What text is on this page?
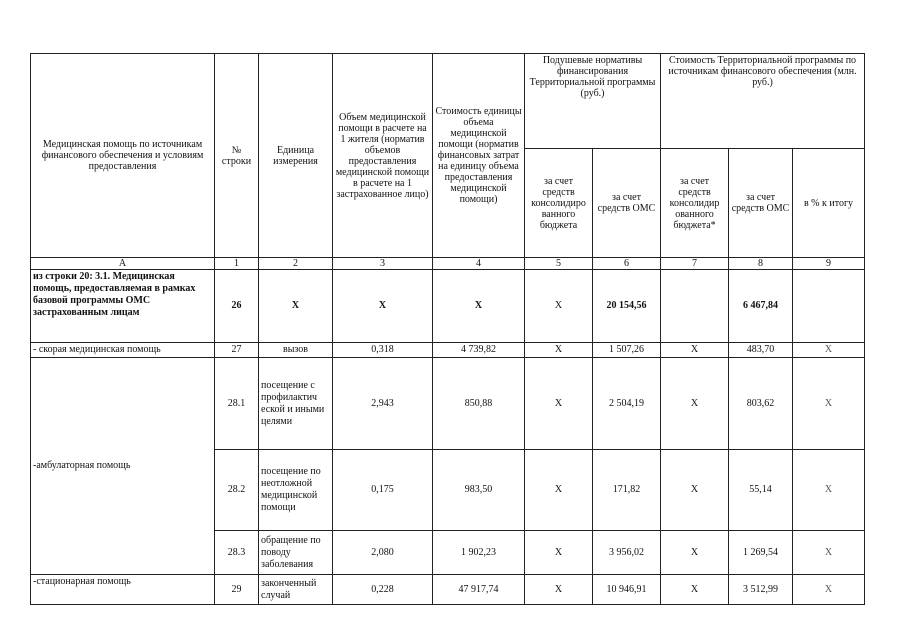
Медицинская помощь по источникам финансового обеспечения и условиям предоставления	№ строки	Единица измерения	Объем медицинской помощи в расчете на 1 жителя (норматив объемов предоставления медицинской помощи в расчете на 1 застрахованное лицо)	Стоимость единицы объема медицинской помощи (норматив финансовых затрат на единицу объема предоставления медицинской помощи)	Подушевые нормативы финансирования Территориальной программы (руб.)		Стоимость Территориальной программы по источникам финансового обеспечения (млн. руб.)		
					за счет средств консолидиро ванного бюджета	за счет средств ОМС	за счет средств консолидир ованного бюджета*	за счет средств ОМС	в % к итогу
А	1	2	3	4	5	6	7	8	9
из строки 20: 3.1. Медицинская помощь, предоставляемая в рамках базовой программы ОМС застрахованным лицам	26	Х	Х	Х	Х	20 154,56		6 467,84	
- скорая медицинская помощь	27	вызов	0,318	4 739,82	Х	1 507,26	Х	483,70	Х
-амбулаторная помощь	28.1	посещение с профилактич еской и иными целями	2,943	850,88	Х	2 504,19	Х	803,62	Х
	28.2	посещение по неотложной медицинской помощи	0,175	983,50	Х	171,82	Х	55,14	Х
	28.3	обращение по поводу заболевания	2,080	1 902,23	Х	3 956,02	Х	1 269,54	Х
-стационарная помощь	29	законченный случай	0,228	47 917,74	Х	10 946,91	Х	3 512,99	Х
